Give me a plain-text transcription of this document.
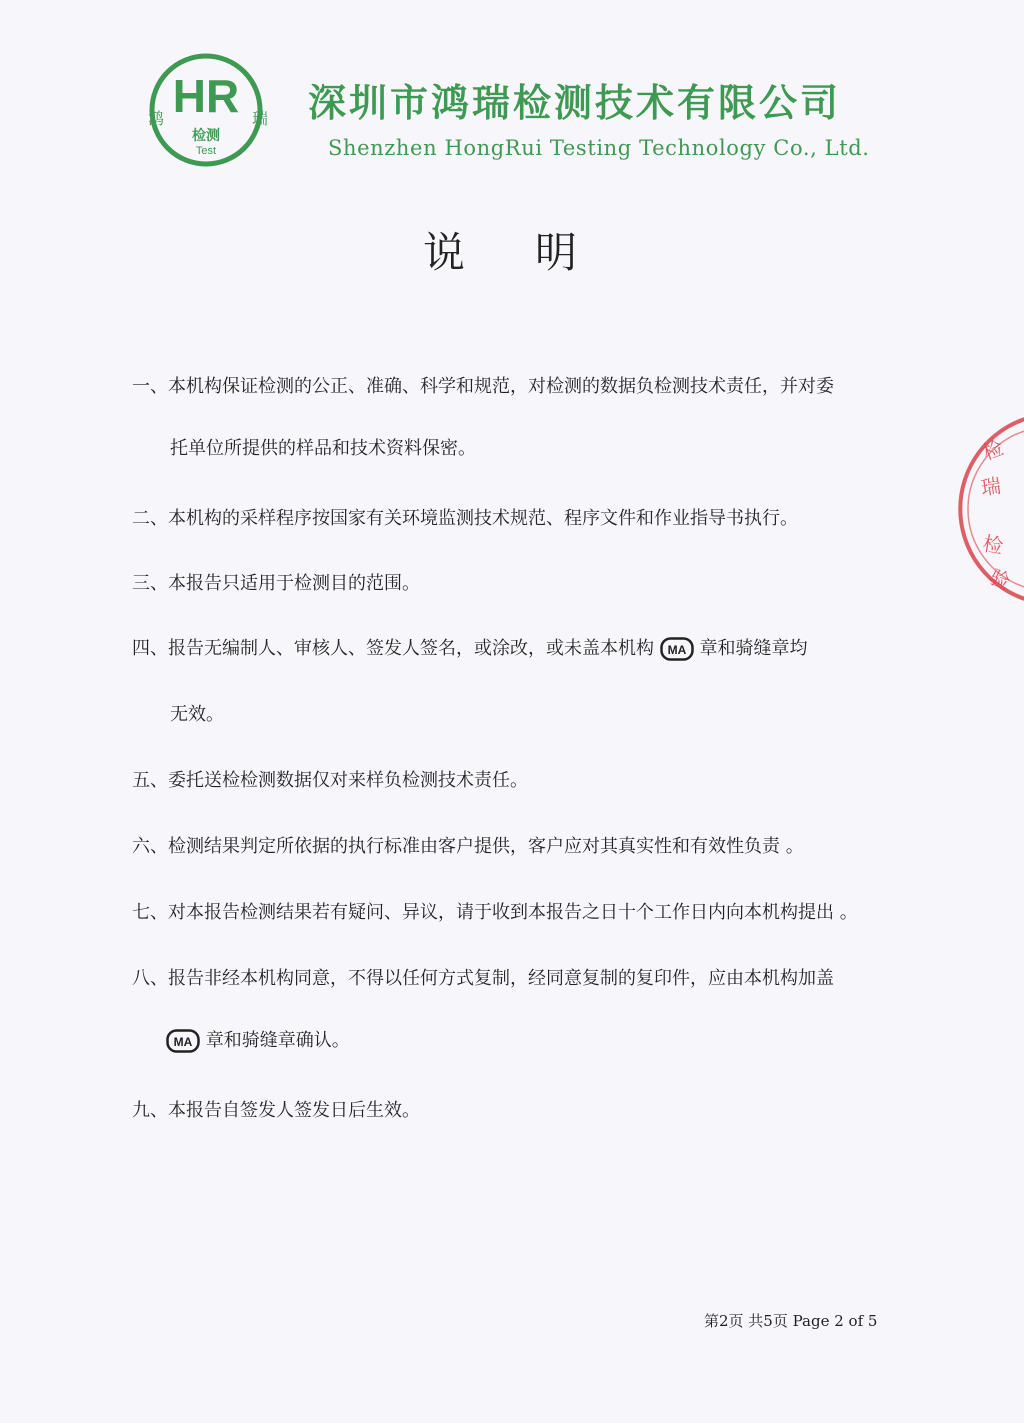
HR
鸿	瑞
检测
Test
深圳市鸿瑞检测技术有限公司
Shenzhen HongRui Testing Technology Co., Ltd.
说明
一、本机构保证检测的公正、准确、科学和规范，对检测的数据负检测技术责任，并对委
托单位所提供的样品和技术资料保密。
二、本机构的采样程序按国家有关环境监测技术规范、程序文件和作业指导书执行。
三、本报告只适用于检测目的范围。
四、报告无编制人、审核人、签发人签名，或涂改，或未盖本机构 MA 章和骑缝章均
无效。
五、委托送检检测数据仅对来样负检测技术责任。
六、检测结果判定所依据的执行标准由客户提供，客户应对其真实性和有效性负责 。
七、对本报告检测结果若有疑问、异议，请于收到本报告之日十个工作日内向本机构提出 。
八、报告非经本机构同意，不得以任何方式复制，经同意复制的复印件，应由本机构加盖
MA 章和骑缝章确认。
九、本报告自签发人签发日后生效。
检
瑞
检
验
第2页 共5页 Page 2 of 5
